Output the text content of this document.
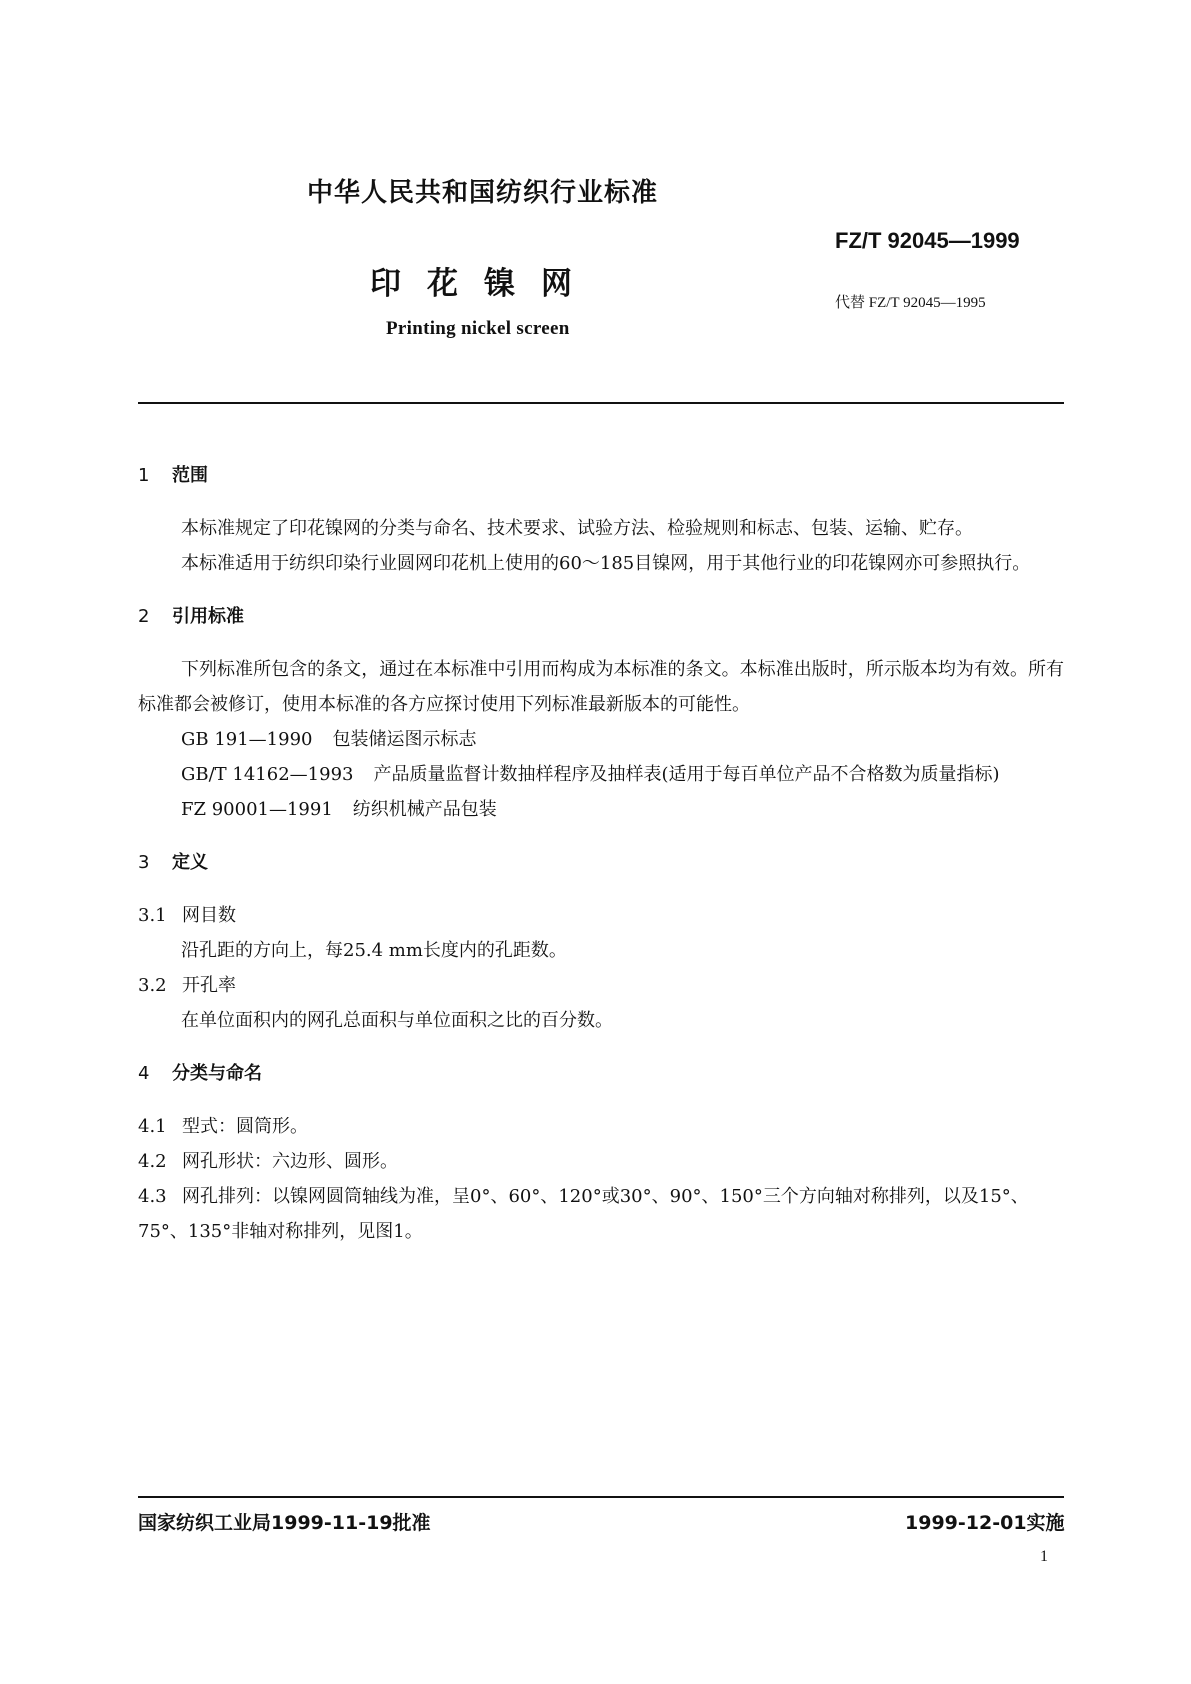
中华人民共和国纺织行业标准
FZ/T 92045—1999
印花镍网
代替 FZ/T 92045—1995
Printing nickel screen
1 范围

本标准规定了印花镍网的分类与命名、技术要求、试验方法、检验规则和标志、包装、运输、贮存。

本标准适用于纺织印染行业圆网印花机上使用的60～185目镍网，用于其他行业的印花镍网亦可参照执行。

2 引用标准

下列标准所包含的条文，通过在本标准中引用而构成为本标准的条文。本标准出版时，所示版本均为有效。所有标准都会被修订，使用本标准的各方应探讨使用下列标准最新版本的可能性。

GB 191—1990 包装储运图示标志
GB/T 14162—1993 产品质量监督计数抽样程序及抽样表(适用于每百单位产品不合格数为质量指标)
FZ 90001—1991 纺织机械产品包装
3 定义

3.1 网目数

沿孔距的方向上，每25.4 mm长度内的孔距数。

3.2 开孔率

在单位面积内的网孔总面积与单位面积之比的百分数。

4 分类与命名

4.1 型式：圆筒形。

4.2 网孔形状：六边形、圆形。

4.3 网孔排列：以镍网圆筒轴线为准，呈0°、60°、120°或30°、90°、150°三个方向轴对称排列，以及15°、75°、135°非轴对称排列，见图1。

国家纺织工业局1999-11-19批准	1999-12-01实施
1
